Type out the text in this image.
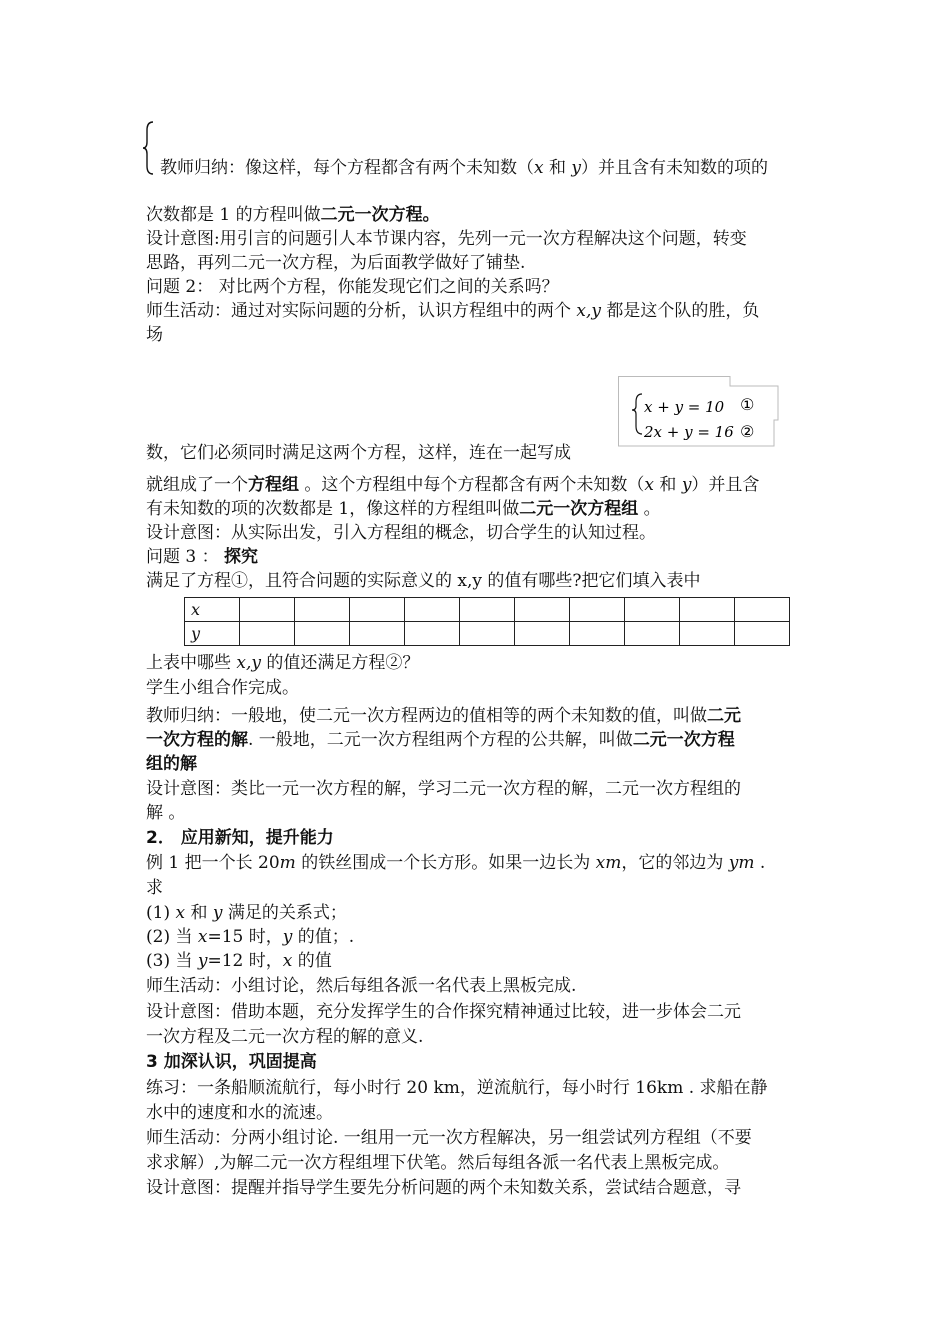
教师归纳：像这样，每个方程都含有两个未知数（x 和 y）并且含有未知数的项的
次数都是 1 的方程叫做二元一次方程。
设计意图:用引言的问题引人本节课内容，先列一元一次方程解决这个问题，转变
思路，再列二元一次方程，为后面教学做好了铺垫.
问题 2： 对比两个方程，你能发现它们之间的关系吗？
师生活动：通过对实际问题的分析，认识方程组中的两个 x,y 都是这个队的胜，负
场
x + y = 10 ①
2x + y = 16 ②
数，它们必须同时满足这两个方程，这样，连在一起写成
就组成了一个方程组 。这个方程组中每个方程都含有两个未知数（x 和 y）并且含
有未知数的项的次数都是 1，像这样的方程组叫做二元一次方程组 。
设计意图：从实际出发，引入方程组的概念，切合学生的认知过程。
问题 3 ： 探究
满足了方程①，且符合问题的实际意义的 x,y 的值有哪些?把它们填入表中
x										
y										
上表中哪些 x,y 的值还满足方程②？
学生小组合作完成。
教师归纳：一般地，使二元一次方程两边的值相等的两个未知数的值，叫做二元
一次方程的解. 一般地，二元一次方程组两个方程的公共解，叫做二元一次方程
组的解
设计意图：类比一元一次方程的解，学习二元一次方程的解，二元一次方程组的
解 。
2． 应用新知，提升能力
例 1 把一个长 20m 的铁丝围成一个长方形。如果一边长为 xm，它的邻边为 ym .
求
(1) x 和 y 满足的关系式；
(2) 当 x=15 时，y 的值；.
(3) 当 y=12 时，x 的值
师生活动：小组讨论，然后每组各派一名代表上黑板完成.
设计意图：借助本题，充分发挥学生的合作探究精神通过比较，进一步体会二元
一次方程及二元一次方程的解的意义.
3 加深认识，巩固提高
练习：一条船顺流航行，每小时行 20 km，逆流航行，每小时行 16km . 求船在静
水中的速度和水的流速。
师生活动：分两小组讨论. 一组用一元一次方程解决，另一组尝试列方程组（不要
求求解）,为解二元一次方程组埋下伏笔。然后每组各派一名代表上黑板完成。
设计意图：提醒并指导学生要先分析问题的两个未知数关系，尝试结合题意，寻
